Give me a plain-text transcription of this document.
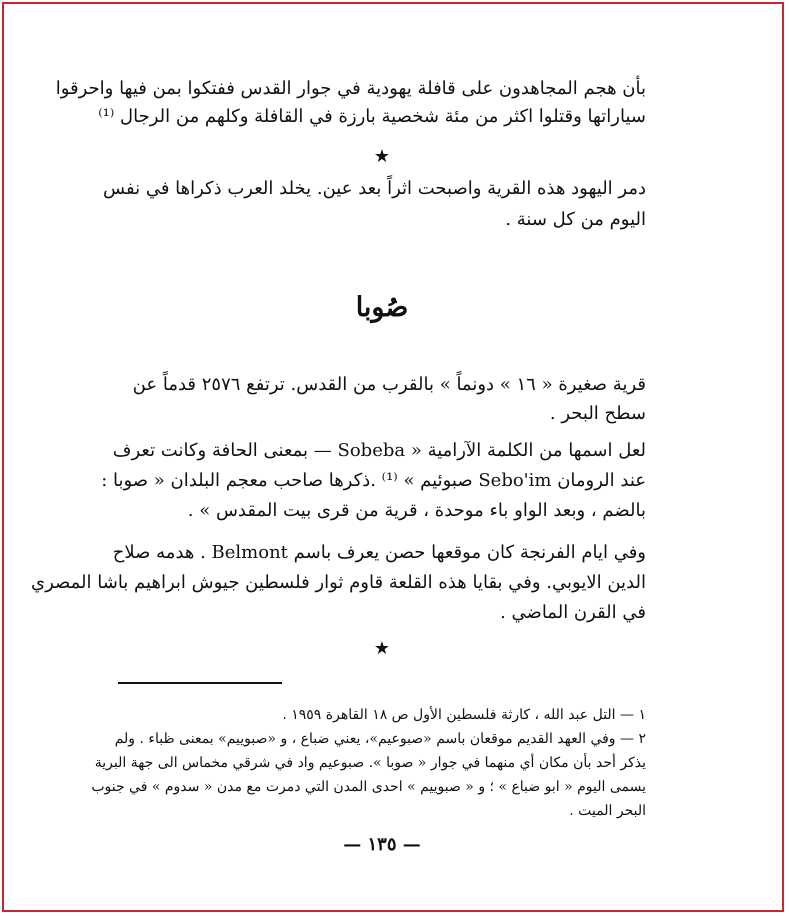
بأن هجم المجاهدون على قافلة يهودية في جوار القدس ففتكوا بمن فيها واحرقوا
سياراتها وقتلوا اكثر من مئة شخصية بارزة في القافلة وكلهم من الرجال ⁽¹⁾
★
دمر اليهود هذه القرية واصبحت اثراً بعد عين. يخلد العرب ذكراها في نفس
اليوم من كل سنة .
صُوبا
قرية صغيرة « ١٦ » دونماً » بالقرب من القدس. ترتفع ٢٥٧٦ قدماً عن
سطح البحر .
لعل اسمها من الكلمة الآرامية « Sobeba — بمعنى الحافة وكانت تعرف
عند الرومان Sebo'im صبوئيم » ⁽¹⁾ .ذكرها صاحب معجم البلدان « صوبا :
بالضم ، وبعد الواو باء موحدة ، قرية من قرى بيت المقدس » .
وفي ايام الفرنجة كان موقعها حصن يعرف باسم Belmont . هدمه صلاح
الدين الايوبي. وفي بقايا هذه القلعة قاوم ثوار فلسطين جيوش ابراهيم باشا المصري
في القرن الماضي .
★
١ — التل عبد الله ، كارثة فلسطين الأول ص ١٨ القاهرة ١٩٥٩ .
٢ — وفي العهد القديم موقعان باسم «صبوعيم»، يعني ضباع ، و «صبوييم» بمعنى ظباء . ولم
يذكر أحد بأن مكان أي منهما في جوار « صوبا ». صبوعيم واد في شرقي مخماس الى جهة البرية
يسمى اليوم « ابو ضباع » ؛ و « صبوييم » احدى المدن التي دمرت مع مدن « سدوم » في جنوب
البحر الميت .
— ١٣٥ —
